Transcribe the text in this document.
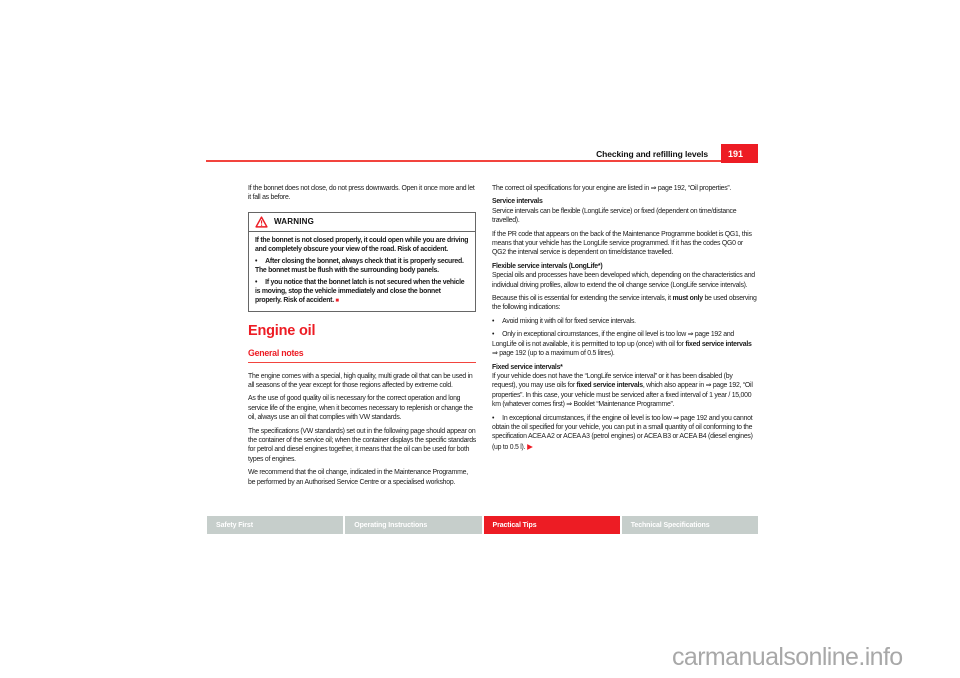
Checking and refilling levels	191

If the bonnet does not close, do not press downwards. Open it once more and let it fall as before.

WARNING

If the bonnet is not closed properly, it could open while you are driving and completely obscure your view of the road. Risk of accident.

• After closing the bonnet, always check that it is properly secured. The bonnet must be flush with the surrounding body panels.

• If you notice that the bonnet latch is not secured when the vehicle is moving, stop the vehicle immediately and close the bonnet properly. Risk of accident. ■

Engine oil
General notes

The engine comes with a special, high quality, multi grade oil that can be used in all seasons of the year except for those regions affected by extreme cold.

As the use of good quality oil is necessary for the correct operation and long service life of the engine, when it becomes necessary to replenish or change the oil, always use an oil that complies with VW standards.

The specifications (VW standards) set out in the following page should appear on the container of the service oil; when the container displays the specific standards for petrol and diesel engines together, it means that the oil can be used for both types of engines.

We recommend that the oil change, indicated in the Maintenance Programme, be performed by an Authorised Service Centre or a specialised workshop.

The correct oil specifications for your engine are listed in ⇒ page 192, “Oil properties”.

Service intervals

Service intervals can be flexible (LongLife service) or fixed (dependent on time/distance travelled).

If the PR code that appears on the back of the Maintenance Programme booklet is QG1, this means that your vehicle has the LongLife service programmed. If it has the codes QG0 or QG2 the interval service is dependent on time/distance travelled.

Flexible service intervals (LongLife*)

Special oils and processes have been developed which, depending on the characteristics and individual driving profiles, allow to extend the oil change service (LongLife service intervals).

Because this oil is essential for extending the service intervals, it must only be used observing the following indications:

• Avoid mixing it with oil for fixed service intervals.

• Only in exceptional circumstances, if the engine oil level is too low ⇒ page 192 and LongLife oil is not available, it is permitted to top up (once) with oil for fixed service intervals ⇒ page 192 (up to a maximum of 0.5 litres).

Fixed service intervals*

If your vehicle does not have the “LongLife service interval” or it has been disabled (by request), you may use oils for fixed service intervals, which also appear in ⇒ page 192, “Oil properties”. In this case, your vehicle must be serviced after a fixed interval of 1 year / 15,000 km (whatever comes first) ⇒ Booklet “Maintenance Programme”.

• In exceptional circumstances, if the engine oil level is too low ⇒ page 192 and you cannot obtain the oil specified for your vehicle, you can put in a small quantity of oil conforming to the specification ACEA A2 or ACEA A3 (petrol engines) or ACEA B3 or ACEA B4 (diesel engines) (up to 0.5 l). ▶

Safety First	Operating Instructions	Practical Tips	Technical Specifications
carmanualsonline.info
